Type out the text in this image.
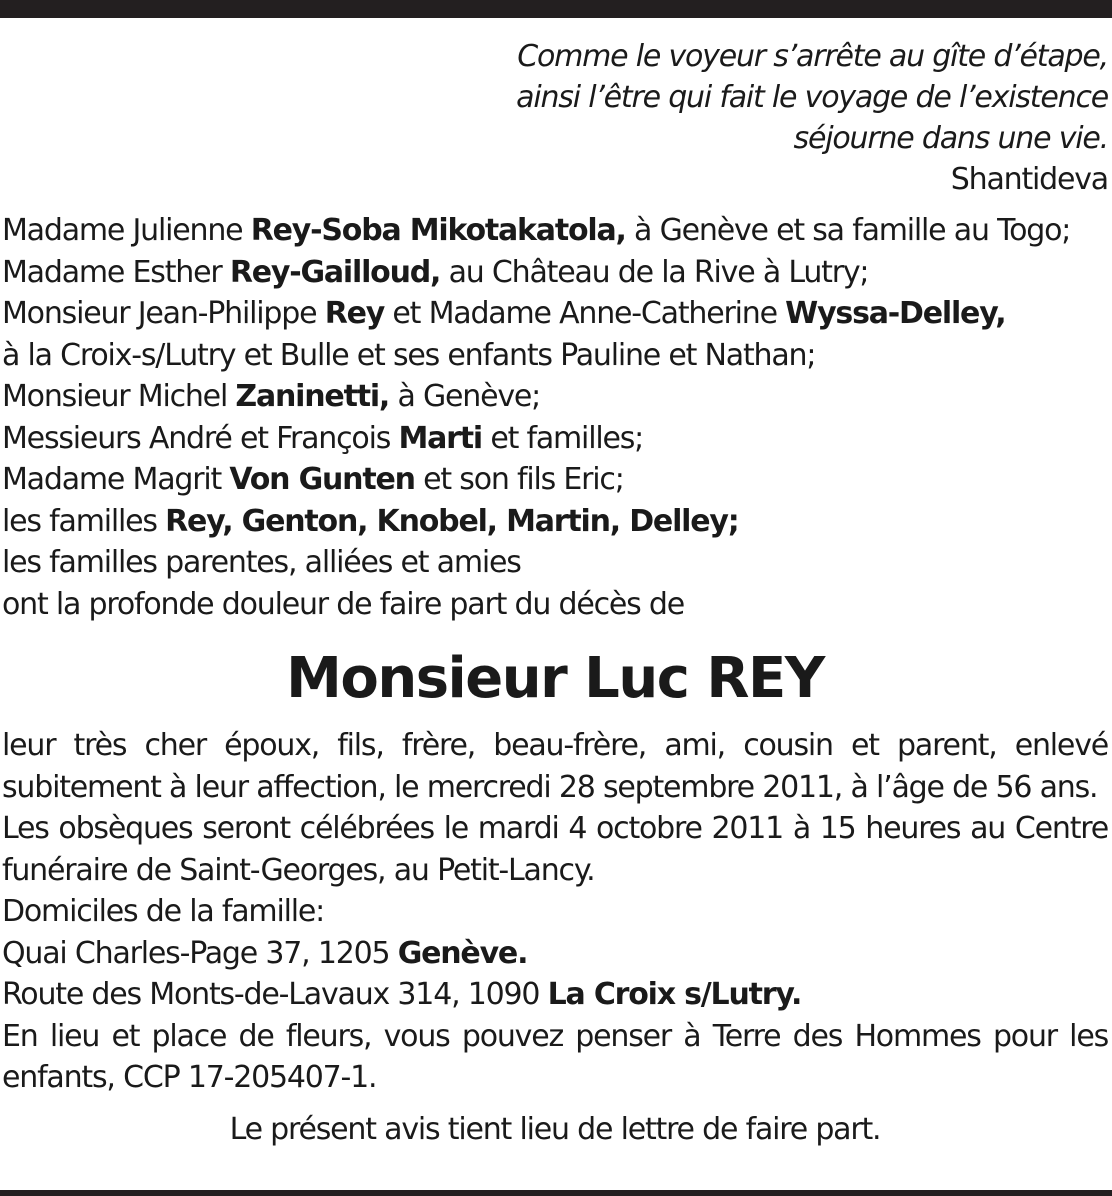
Comme le voyeur s’arrête au gîte d’étape,
ainsi l’être qui fait le voyage de l’existence
séjourne dans une vie.
Shantideva
Madame Julienne Rey-Soba Mikotakatola, à Genève et sa famille au Togo;
Madame Esther Rey-Gailloud, au Château de la Rive à Lutry;
Monsieur Jean-Philippe Rey et Madame Anne-Catherine Wyssa-Delley,
à la Croix-s/Lutry et Bulle et ses enfants Pauline et Nathan;
Monsieur Michel Zaninetti, à Genève;
Messieurs André et François Marti et familles;
Madame Magrit Von Gunten et son fils Eric;
les familles Rey, Genton, Knobel, Martin, Delley;
les familles parentes, alliées et amies
ont la profonde douleur de faire part du décès de
Monsieur Luc REY
leur très cher époux, fils, frère, beau-frère, ami, cousin et parent, enlevé subitement à leur affection, le mercredi 28 septembre 2011, à l’âge de 56 ans.
Les obsèques seront célébrées le mardi 4 octobre 2011 à 15 heures au Centre funéraire de Saint-Georges, au Petit-Lancy.
Domiciles de la famille:
Quai Charles-Page 37, 1205 Genève.
Route des Monts-de-Lavaux 314, 1090 La Croix s/Lutry.
En lieu et place de fleurs, vous pouvez penser à Terre des Hommes pour les enfants, CCP 17-205407-1.
Le présent avis tient lieu de lettre de faire part.
